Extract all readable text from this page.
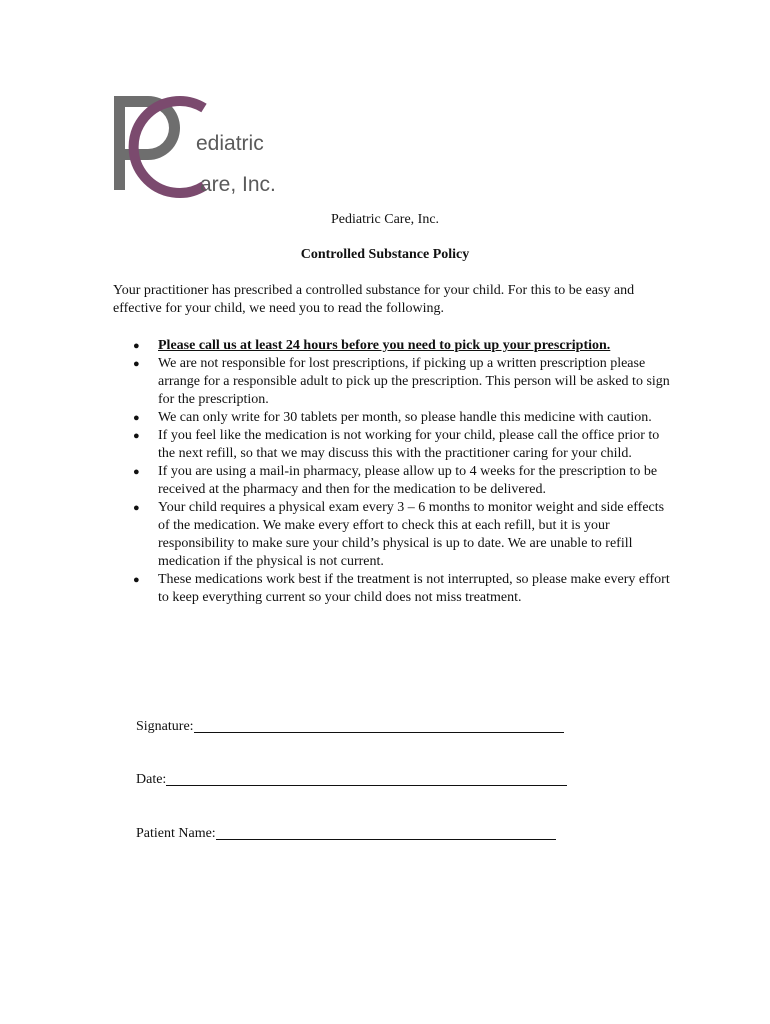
ediatric
are, Inc.
Pediatric Care, Inc.
Controlled Substance Policy

Your practitioner has prescribed a controlled substance for your child. For this to be easy and effective for your child, we need you to read the following.

● Please call us at least 24 hours before you need to pick up your prescription.
● We are not responsible for lost prescriptions, if picking up a written prescription please arrange for a responsible adult to pick up the prescription. This person will be asked to sign for the prescription.
● We can only write for 30 tablets per month, so please handle this medicine with caution.
● If you feel like the medication is not working for your child, please call the office prior to the next refill, so that we may discuss this with the practitioner caring for your child.
● If you are using a mail-in pharmacy, please allow up to 4 weeks for the prescription to be received at the pharmacy and then for the medication to be delivered.
● Your child requires a physical exam every 3 – 6 months to monitor weight and side effects of the medication. We make every effort to check this at each refill, but it is your responsibility to make sure your child’s physical is up to date. We are unable to refill medication if the physical is not current.
● These medications work best if the treatment is not interrupted, so please make every effort to keep everything current so your child does not miss treatment.
Signature:
Date:
Patient Name:
